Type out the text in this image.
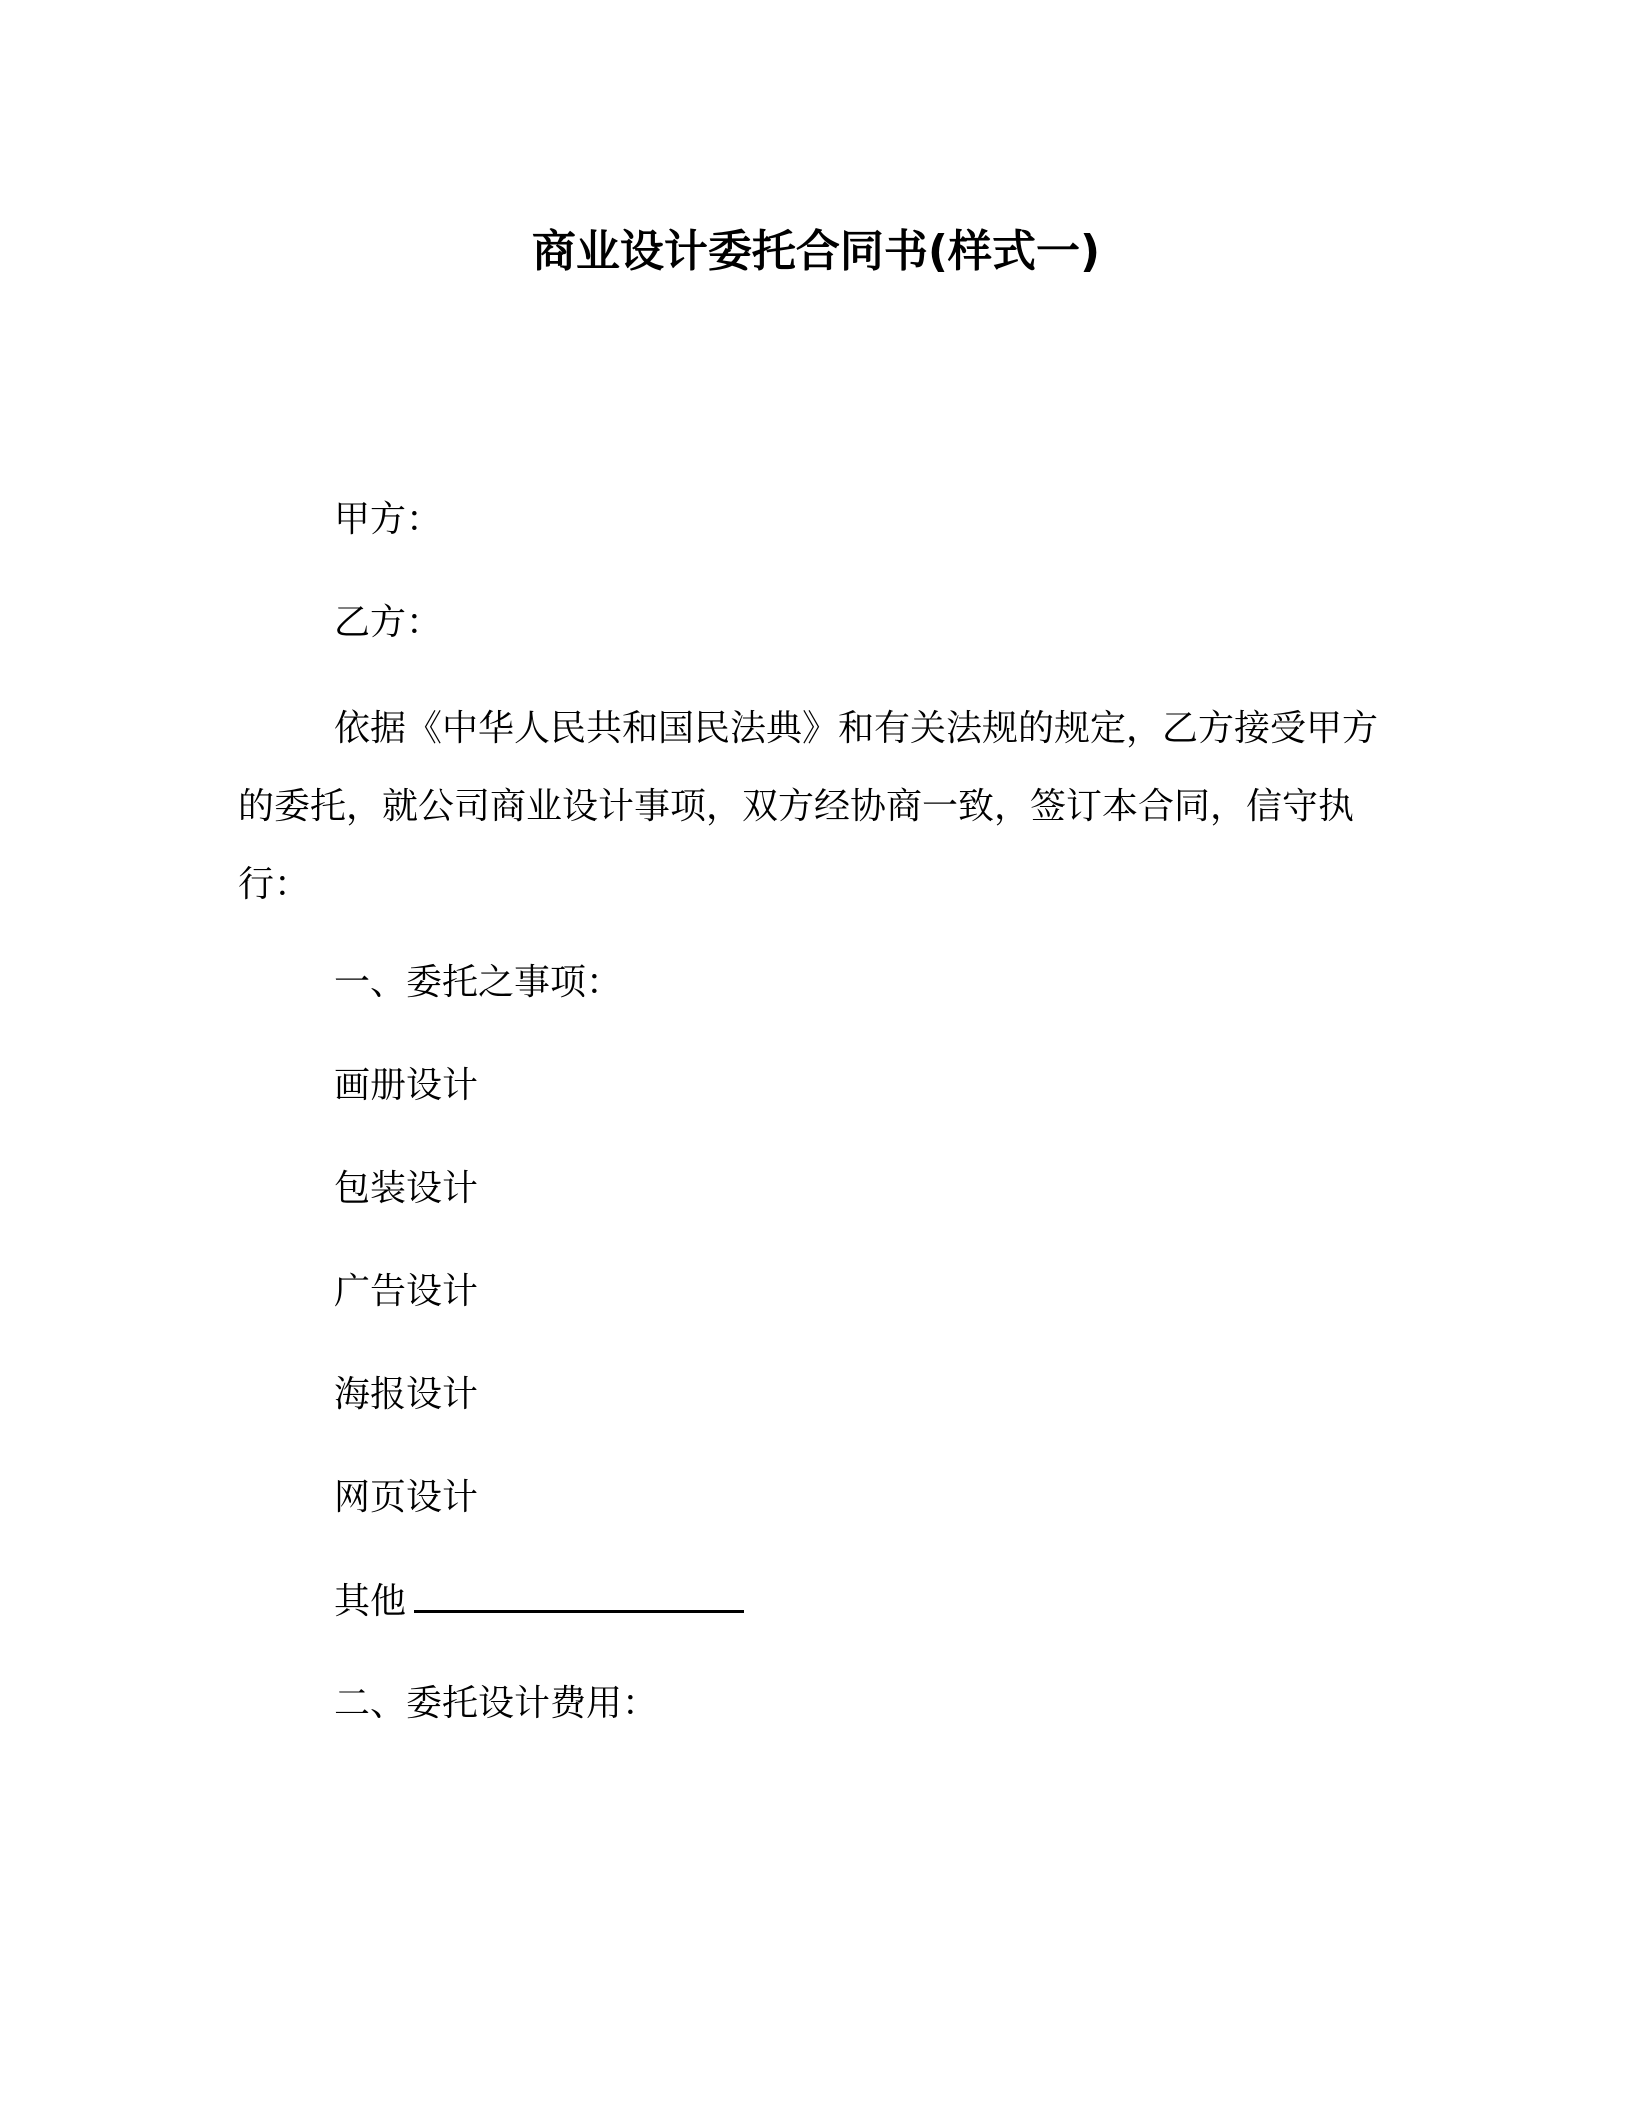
商业设计委托合同书(样式一)
甲方：
乙方：
依据《中华人民共和国民法典》和有关法规的规定，乙方接受甲方的委托，就公司商业设计事项，双方经协商一致，签订本合同，信守执行：
一、委托之事项：
画册设计
包装设计
广告设计
海报设计
网页设计
其他
二、委托设计费用：
